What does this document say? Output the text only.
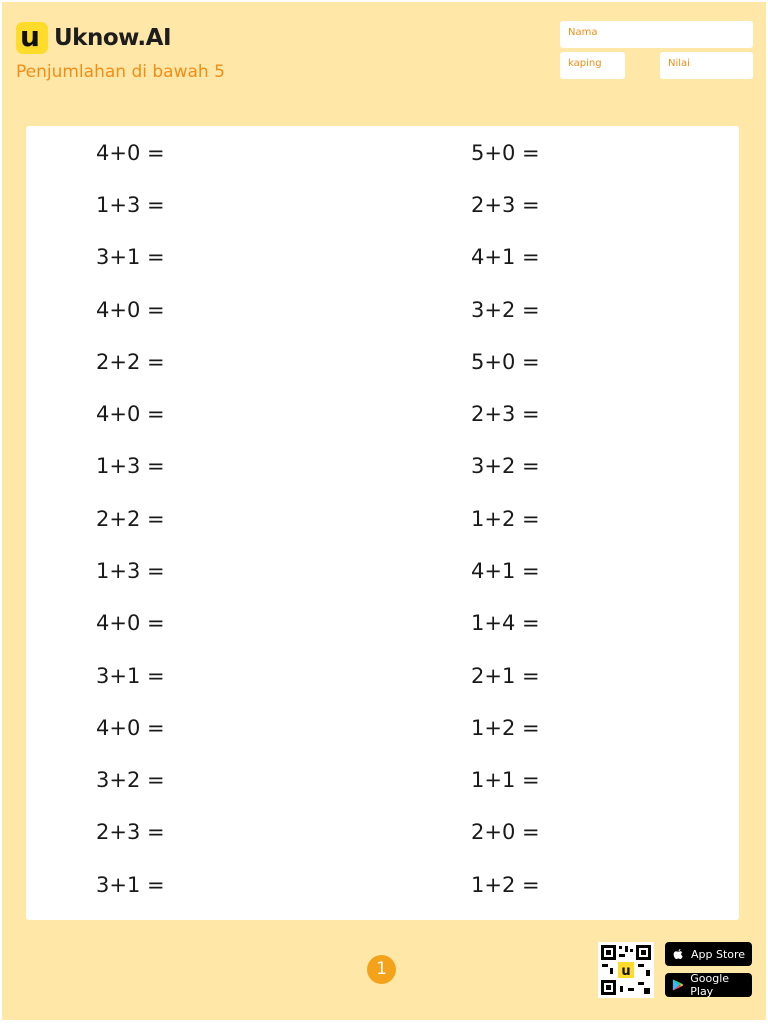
u Uknow.AI
Penjumlahan di bawah 5
Nama
kaping	Nilai
1	u
App Store
Google Play
4+0 =
1+3 =
3+1 =
4+0 =
2+2 =
4+0 =
1+3 =
2+2 =
1+3 =
4+0 =
3+1 =
4+0 =
3+2 =
2+3 =
3+1 =
5+0 =
2+3 =
4+1 =
3+2 =
5+0 =
2+3 =
3+2 =
1+2 =
4+1 =
1+4 =
2+1 =
1+2 =
1+1 =
2+0 =
1+2 =
